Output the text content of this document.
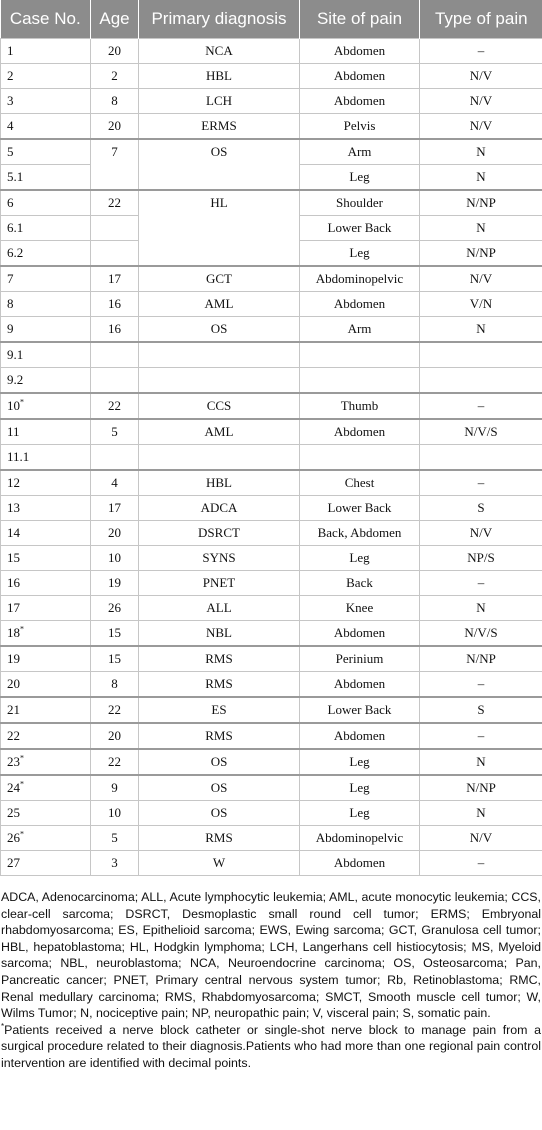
Case No.	Age	Primary diagnosis	Site of pain	Type of pain
1	20	NCA	Abdomen	–
2	2	HBL	Abdomen	N/V
3	8	LCH	Abdomen	N/V
4	20	ERMS	Pelvis	N/V
5	7	OS	Arm	N
5.1			Leg	N
6	22	HL	Shoulder	N/NP
6.1			Lower Back	N
6.2			Leg	N/NP
7	17	GCT	Abdominopelvic	N/V
8	16	AML	Abdomen	V/N
9	16	OS	Arm	N
9.1				
9.2				
10*	22	CCS	Thumb	–
11	5	AML	Abdomen	N/V/S
11.1				
12	4	HBL	Chest	–
13	17	ADCA	Lower Back	S
14	20	DSRCT	Back, Abdomen	N/V
15	10	SYNS	Leg	NP/S
16	19	PNET	Back	–
17	26	ALL	Knee	N
18*	15	NBL	Abdomen	N/V/S
19	15	RMS	Perinium	N/NP
20	8	RMS	Abdomen	–
21	22	ES	Lower Back	S
22	20	RMS	Abdomen	–
23*	22	OS	Leg	N
24*	9	OS	Leg	N/NP
25	10	OS	Leg	N
26*	5	RMS	Abdominopelvic	N/V
27	3	W	Abdomen	–

ADCA, Adenocarcinoma; ALL, Acute lymphocytic leukemia; AML, acute monocytic leukemia; CCS, clear-cell sarcoma; DSRCT, Desmoplastic small round cell tumor; ERMS; Embryonal rhabdomyosarcoma; ES, Epithelioid sarcoma; EWS, Ewing sarcoma; GCT, Granulosa cell tumor; HBL, hepatoblastoma; HL, Hodgkin lymphoma; LCH, Langerhans cell histiocytosis; MS, Myeloid sarcoma; NBL, neuroblastoma; NCA, Neuroendocrine carcinoma; OS, Osteosarcoma; Pan, Pancreatic cancer; PNET, Primary central nervous system tumor; Rb, Retinoblastoma; RMC, Renal medullary carcinoma; RMS, Rhabdomyosarcoma; SMCT, Smooth muscle cell tumor; W, Wilms Tumor; N, nociceptive pain; NP, neuropathic pain; V, visceral pain; S, somatic pain.

*Patients received a nerve block catheter or single-shot nerve block to manage pain from a surgical procedure related to their diagnosis.Patients who had more than one regional pain control intervention are identified with decimal points.
